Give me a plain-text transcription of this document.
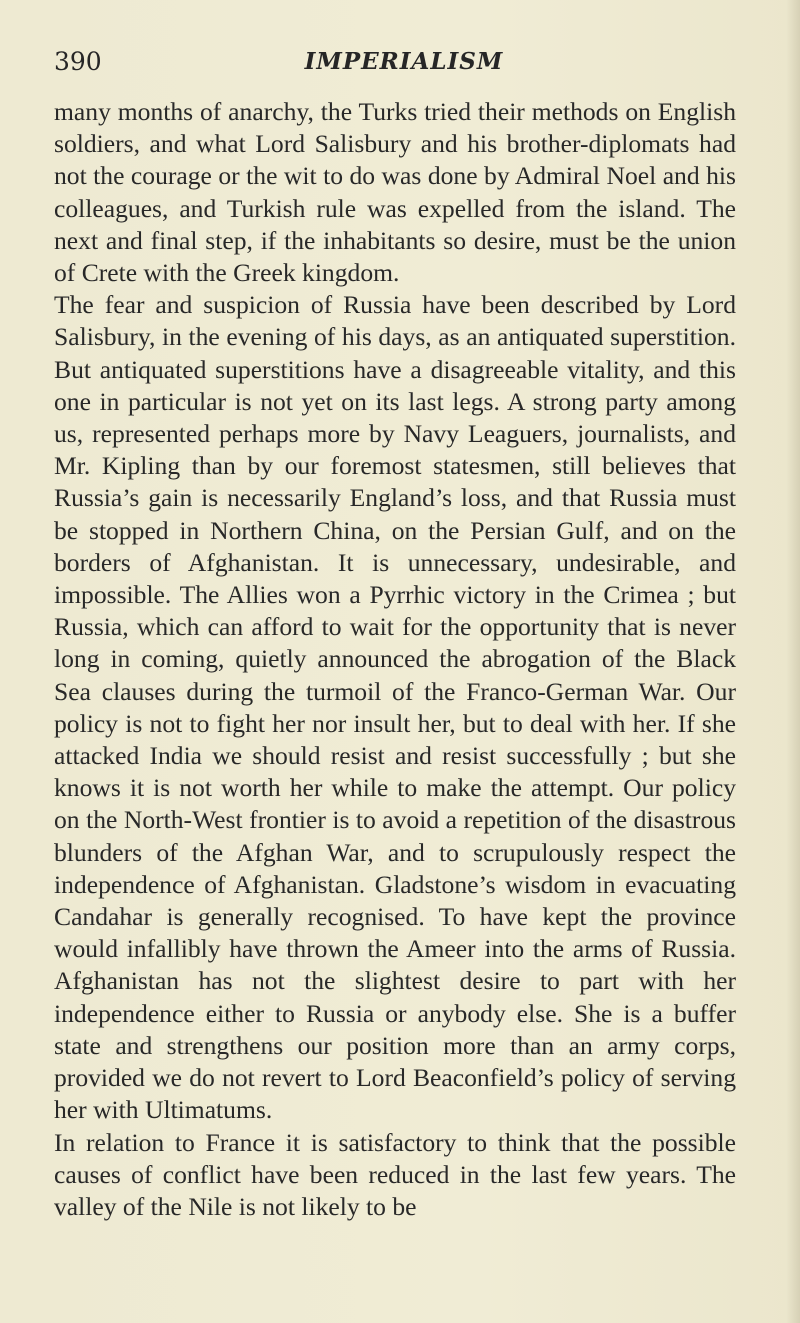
390	IMPERIALISM

many months of anarchy, the Turks tried their methods on English soldiers, and what Lord Salisbury and his brother-diplomats had not the courage or the wit to do was done by Admiral Noel and his colleagues, and Turkish rule was expelled from the island. The next and final step, if the inhabitants so desire, must be the union of Crete with the Greek kingdom.

The fear and suspicion of Russia have been described by Lord Salisbury, in the evening of his days, as an antiquated superstition. But antiquated superstitions have a disagreeable vitality, and this one in particular is not yet on its last legs. A strong party among us, represented perhaps more by Navy Leaguers, journalists, and Mr. Kipling than by our foremost statesmen, still believes that Russia’s gain is necessarily England’s loss, and that Russia must be stopped in Northern China, on the Persian Gulf, and on the borders of Afghanistan. It is unnecessary, undesirable, and impossible. The Allies won a Pyrrhic victory in the Crimea ; but Russia, which can afford to wait for the opportunity that is never long in coming, quietly announced the abrogation of the Black Sea clauses during the turmoil of the Franco-German War. Our policy is not to fight her nor insult her, but to deal with her. If she attacked India we should resist and resist successfully ; but she knows it is not worth her while to make the attempt. Our policy on the North-West frontier is to avoid a repetition of the disastrous blunders of the Afghan War, and to scrupulously respect the independence of Afghanistan. Gladstone’s wisdom in evacuating Candahar is generally recognised. To have kept the province would infallibly have thrown the Ameer into the arms of Russia. Afghanistan has not the slightest desire to part with her independence either to Russia or anybody else. She is a buffer state and strengthens our position more than an army corps, provided we do not revert to Lord Beaconfield’s policy of serving her with Ultimatums.

In relation to France it is satisfactory to think that the possible causes of conflict have been reduced in the last few years. The valley of the Nile is not likely to be
